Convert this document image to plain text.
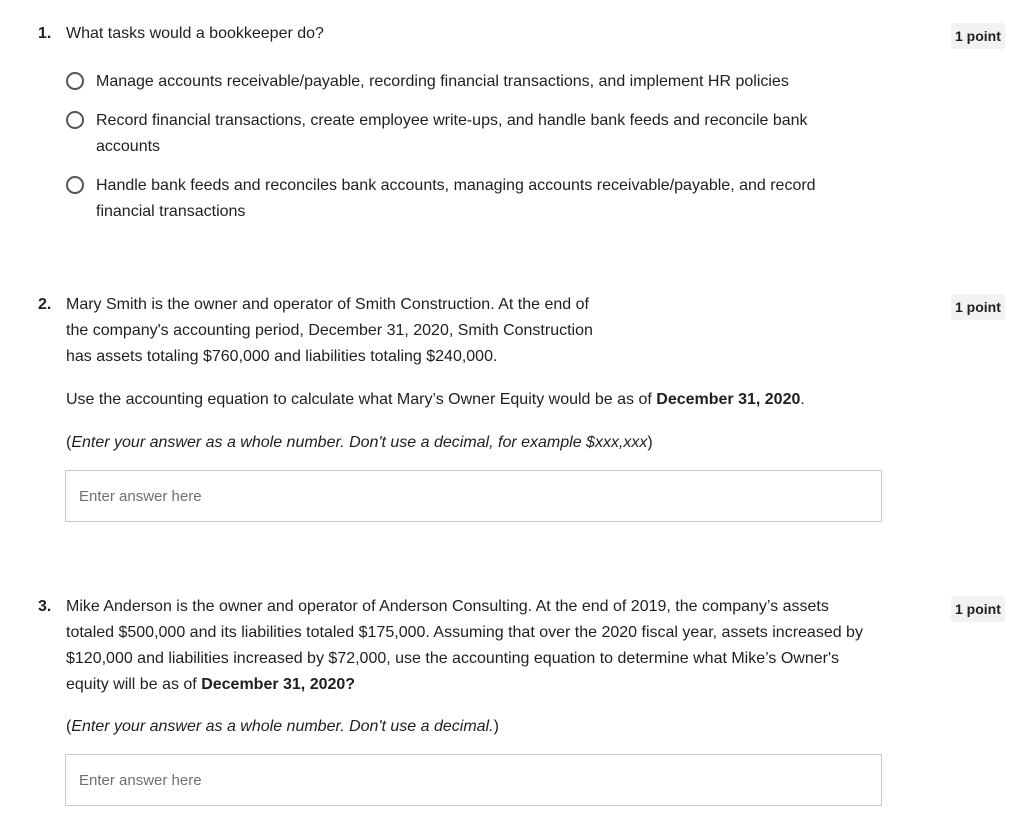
1. What tasks would a bookkeeper do?	1 point
Manage accounts receivable/payable, recording financial transactions, and implement HR policies
Record financial transactions, create employee write-ups, and handle bank feeds and reconcile bank
accounts
Handle bank feeds and reconciles bank accounts, managing accounts receivable/payable, and record
financial transactions
2.	1 point
Mary Smith is the owner and operator of Smith Construction. At the end of
the company's accounting period, December 31, 2020, Smith Construction
has assets totaling $760,000 and liabilities totaling $240,000.
Use the accounting equation to calculate what Mary’s Owner Equity would be as of December 31, 2020.
(Enter your answer as a whole number. Don't use a decimal, for example $xxx,xxx)
Enter answer here
3.	1 point
Mike Anderson is the owner and operator of Anderson Consulting. At the end of 2019, the company’s assets
totaled $500,000 and its liabilities totaled $175,000. Assuming that over the 2020 fiscal year, assets increased by
$120,000 and liabilities increased by $72,000, use the accounting equation to determine what Mike’s Owner's
equity will be as of December 31, 2020?
(Enter your answer as a whole number. Don't use a decimal.)
Enter answer here
